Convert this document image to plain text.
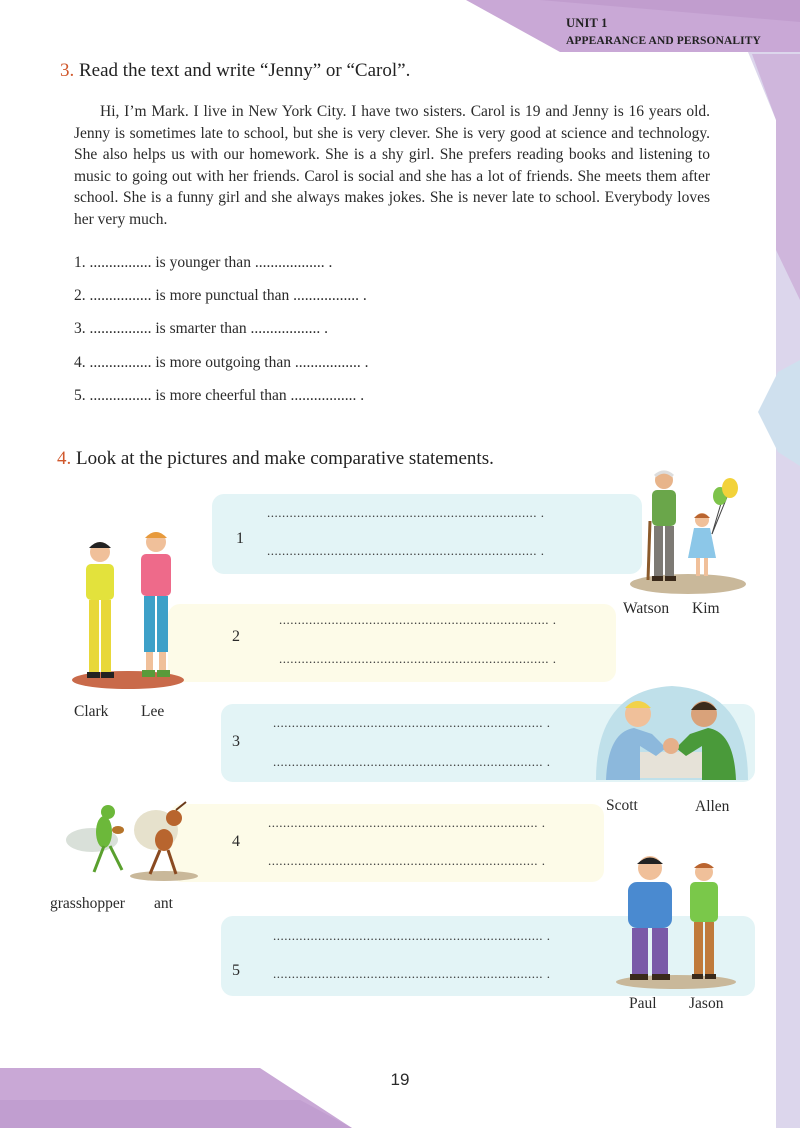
UNIT 1
APPEARANCE AND PERSONALITY
3. Read the text and write “Jenny” or “Carol”.
Hi, I’m Mark. I live in New York City. I have two sisters. Carol is 19 and Jenny is 16 years old. Jenny is sometimes late to school, but she is very clever. She is very good at science and technology. She also helps us with our homework. She is a shy girl. She prefers reading books and listening to music to going out with her friends. Carol is social and she has a lot of friends. She meets them after school. She is a funny girl and she always makes jokes. She is never late to school. Everybody loves her very much.
1. ................ is younger than .................. .
2. ................ is more punctual than ................. .
3. ................ is smarter than .................. .
4. ................ is more outgoing than ................. .
5. ................ is more cheerful than ................. .
4. Look at the pictures and make comparative statements.
1
........................................................................ .
........................................................................ .
2
........................................................................ .
........................................................................ .
3
........................................................................ .
........................................................................ .
4
........................................................................ .
........................................................................ .
5
........................................................................ .
........................................................................ .
Watson Kim
Clark Lee
Scott	Allen
grasshopper ant
Paul Jason
19
